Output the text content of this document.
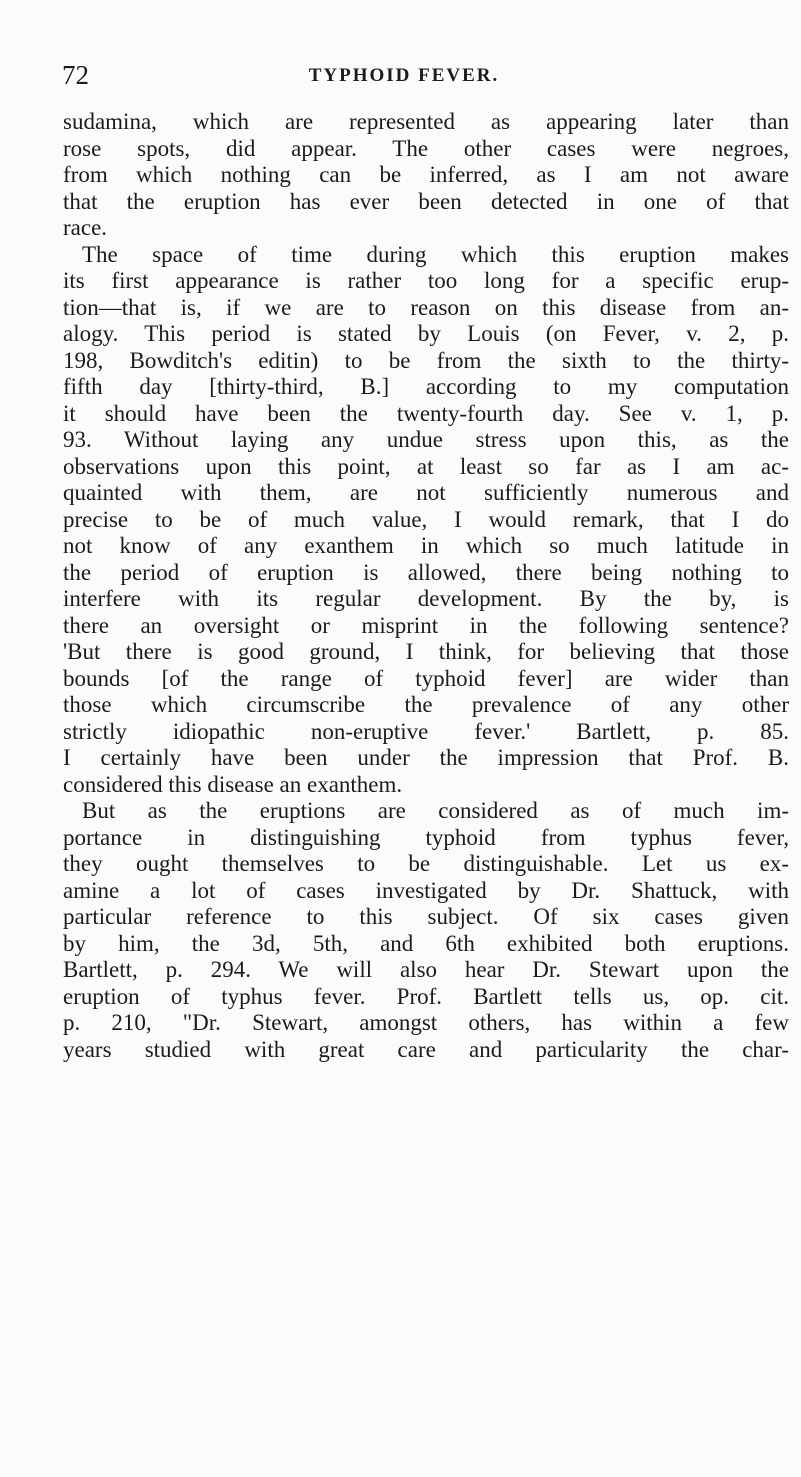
72	TYPHOID FEVER.
sudamina, which are represented as appearing later than
rose spots, did appear. The other cases were negroes,
from which nothing can be inferred, as I am not aware
that the eruption has ever been detected in one of that
race.
The space of time during which this eruption makes
its first appearance is rather too long for a specific erup-
tion—that is, if we are to reason on this disease from an-
alogy. This period is stated by Louis (on Fever, v. 2, p.
198, Bowditch's editin) to be from the sixth to the thirty-
fifth day [thirty-third, B.] according to my computation
it should have been the twenty-fourth day. See v. 1, p.
93. Without laying any undue stress upon this, as the
observations upon this point, at least so far as I am ac-
quainted with them, are not sufficiently numerous and
precise to be of much value, I would remark, that I do
not know of any exanthem in which so much latitude in
the period of eruption is allowed, there being nothing to
interfere with its regular development. By the by, is
there an oversight or misprint in the following sentence?
'But there is good ground, I think, for believing that those
bounds [of the range of typhoid fever] are wider than
those which circumscribe the prevalence of any other
strictly idiopathic non-eruptive fever.' Bartlett, p. 85.
I certainly have been under the impression that Prof. B.
considered this disease an exanthem.
But as the eruptions are considered as of much im-
portance in distinguishing typhoid from typhus fever,
they ought themselves to be distinguishable. Let us ex-
amine a lot of cases investigated by Dr. Shattuck, with
particular reference to this subject. Of six cases given
by him, the 3d, 5th, and 6th exhibited both eruptions.
Bartlett, p. 294. We will also hear Dr. Stewart upon the
eruption of typhus fever. Prof. Bartlett tells us, op. cit.
p. 210, "Dr. Stewart, amongst others, has within a few
years studied with great care and particularity the char-
